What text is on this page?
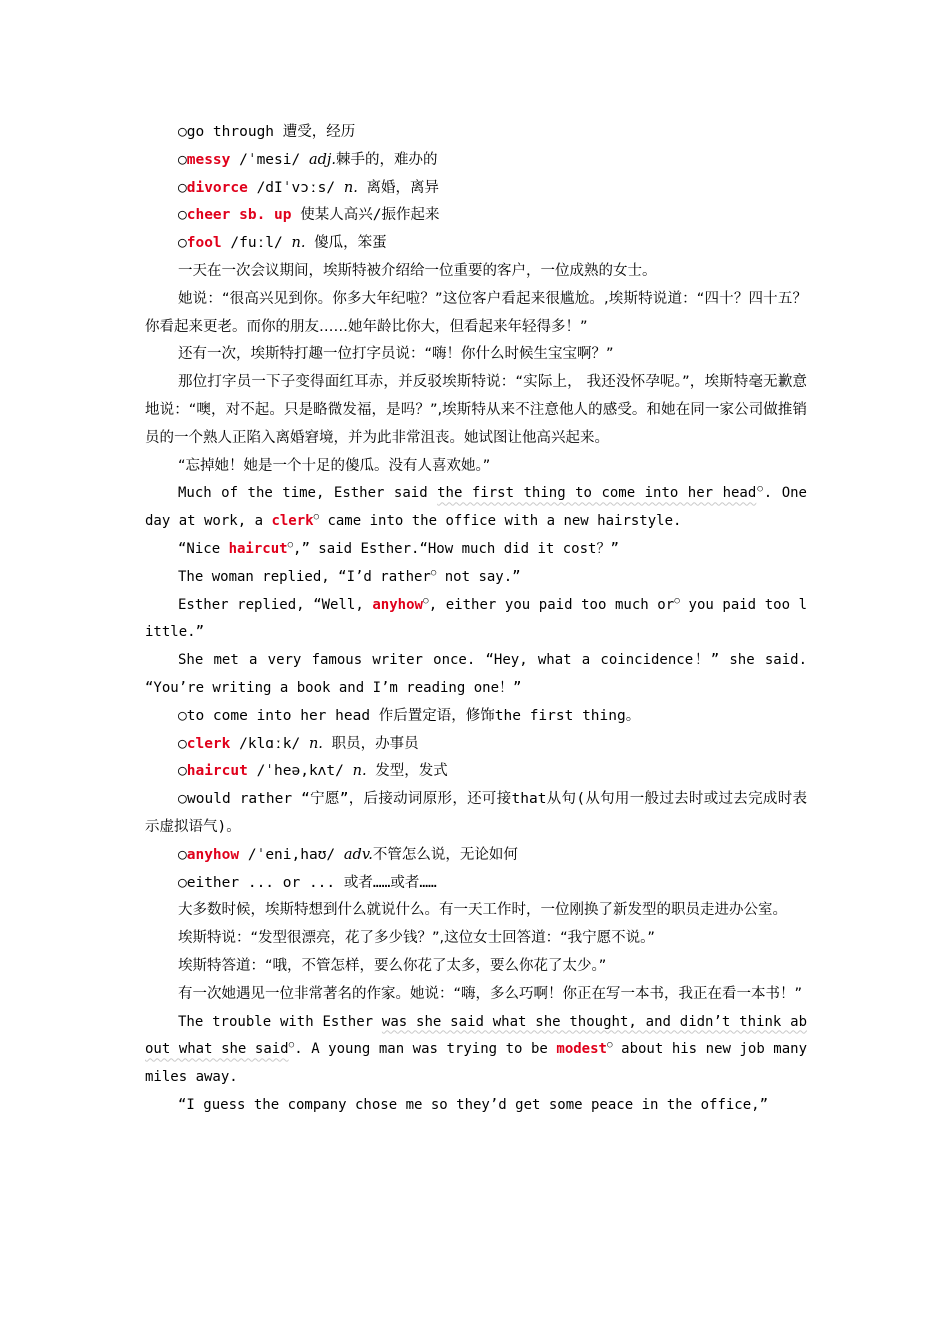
○go through 遭受，经历

○messy /ˈmesi/ adj.棘手的，难办的

○divorce /dIˈvɔːs/ n. 离婚，离异

○cheer sb. up 使某人高兴/振作起来

○fool /fuːl/ n. 傻瓜，笨蛋

一天在一次会议期间，埃斯特被介绍给一位重要的客户，一位成熟的女士。

她说：“很高兴见到你。你多大年纪啦？”这位客户看起来很尴尬。,埃斯特说道：“四十？四十五？你看起来更老。而你的朋友……她年龄比你大，但看起来年轻得多！”

还有一次，埃斯特打趣一位打字员说：“嗨！你什么时候生宝宝啊？”

那位打字员一下子变得面红耳赤，并反驳埃斯特说：“实际上， 我还没怀孕呢。”，埃斯特毫无歉意地说：“噢，对不起。只是略微发福，是吗？”,埃斯特从来不注意他人的感受。和她在同一家公司做推销员的一个熟人正陷入离婚窘境，并为此非常沮丧。她试图让他高兴起来。

“忘掉她！她是一个十足的傻瓜。没有人喜欢她。”

Much of the time, Esther said the first thing to come into her head○. One day at work, a clerk○ came into the office with a new hairstyle.

“Nice haircut○,” said Esther.“How much did it cost？”

The woman replied, “I’d rather○ not say.”

Esther replied, “Well, anyhow○, either you paid too much or○ you paid too little.”

She met a very famous writer once. “Hey, what a coincidence！” she said. “You’re writing a book and I’m reading one！”

○to come into her head 作后置定语，修饰the first thing。

○clerk /klɑːk/ n. 职员，办事员

○haircut /ˈheə,kʌt/ n. 发型，发式

○would rather “宁愿”，后接动词原形，还可接that从句(从句用一般过去时或过去完成时表示虚拟语气)。

○anyhow /ˈeni,haʊ/ adv.不管怎么说，无论如何

○either ... or ... 或者……或者……

大多数时候，埃斯特想到什么就说什么。有一天工作时，一位刚换了新发型的职员走进办公室。

埃斯特说：“发型很漂亮，花了多少钱？”,这位女士回答道：“我宁愿不说。”

埃斯特答道：“哦，不管怎样，要么你花了太多，要么你花了太少。”

有一次她遇见一位非常著名的作家。她说：“嗨，多么巧啊！你正在写一本书，我正在看一本书！”

The trouble with Esther was she said what she thought, and didn’t think about what she said○. A young man was trying to be modest○ about his new job many miles away.

“I guess the company chose me so they’d get some peace in the office,”
